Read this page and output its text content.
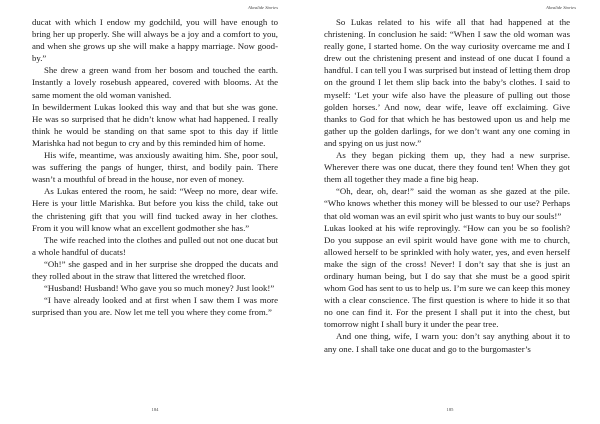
Akvalide Stories

ducat with which I endow my godchild, you will have enough to bring her up properly. She will always be a joy and a comfort to you, and when she grows up she will make a happy marriage. Now good-by.”

She drew a green wand from her bosom and touched the earth. Instantly a lovely rosebush appeared, covered with blooms. At the same moment the old woman vanished.

In bewilderment Lukas looked this way and that but she was gone. He was so surprised that he didn’t know what had happened. I really think he would be standing on that same spot to this day if little Marishka had not begun to cry and by this reminded him of home.

His wife, meantime, was anxiously awaiting him. She, poor soul, was suffering the pangs of hunger, thirst, and bodily pain. There wasn’t a mouthful of bread in the house, nor even of money.

As Lukas entered the room, he said: “Weep no more, dear wife. Here is your little Marishka. But before you kiss the child, take out the christening gift that you will find tucked away in her clothes. From it you will know what an excellent godmother she has.”

The wife reached into the clothes and pulled out not one ducat but a whole handful of ducats!

“Oh!” she gasped and in her surprise she dropped the ducats and they rolled about in the straw that littered the wretched floor.

“Husband! Husband! Who gave you so much money? Just look!”

“I have already looked and at first when I saw them I was more surprised than you are. Now let me tell you where they come from.”

184
Akvalide Stories

So Lukas related to his wife all that had happened at the christening. In conclusion he said: “When I saw the old woman was really gone, I started home. On the way curiosity overcame me and I drew out the christening present and instead of one ducat I found a handful. I can tell you I was surprised but instead of letting them drop on the ground I let them slip back into the baby’s clothes. I said to myself: ‘Let your wife also have the pleasure of pulling out those golden horses.’ And now, dear wife, leave off exclaiming. Give thanks to God for that which he has bestowed upon us and help me gather up the golden darlings, for we don’t want any one coming in and spying on us just now.”

As they began picking them up, they had a new surprise. Wherever there was one ducat, there they found ten! When they got them all together they made a fine big heap.

“Oh, dear, oh, dear!” said the woman as she gazed at the pile. “Who knows whether this money will be blessed to our use? Perhaps that old woman was an evil spirit who just wants to buy our souls!”

Lukas looked at his wife reprovingly. “How can you be so foolish? Do you suppose an evil spirit would have gone with me to church, allowed herself to be sprinkled with holy water, yes, and even herself make the sign of the cross! Never! I don’t say that she is just an ordinary human being, but I do say that she must be a good spirit whom God has sent to us to help us. I’m sure we can keep this money with a clear conscience. The first question is where to hide it so that no one can find it. For the present I shall put it into the chest, but tomorrow night I shall bury it under the pear tree.

And one thing, wife, I warn you: don’t say anything about it to any one. I shall take one ducat and go to the burgomaster’s

185
